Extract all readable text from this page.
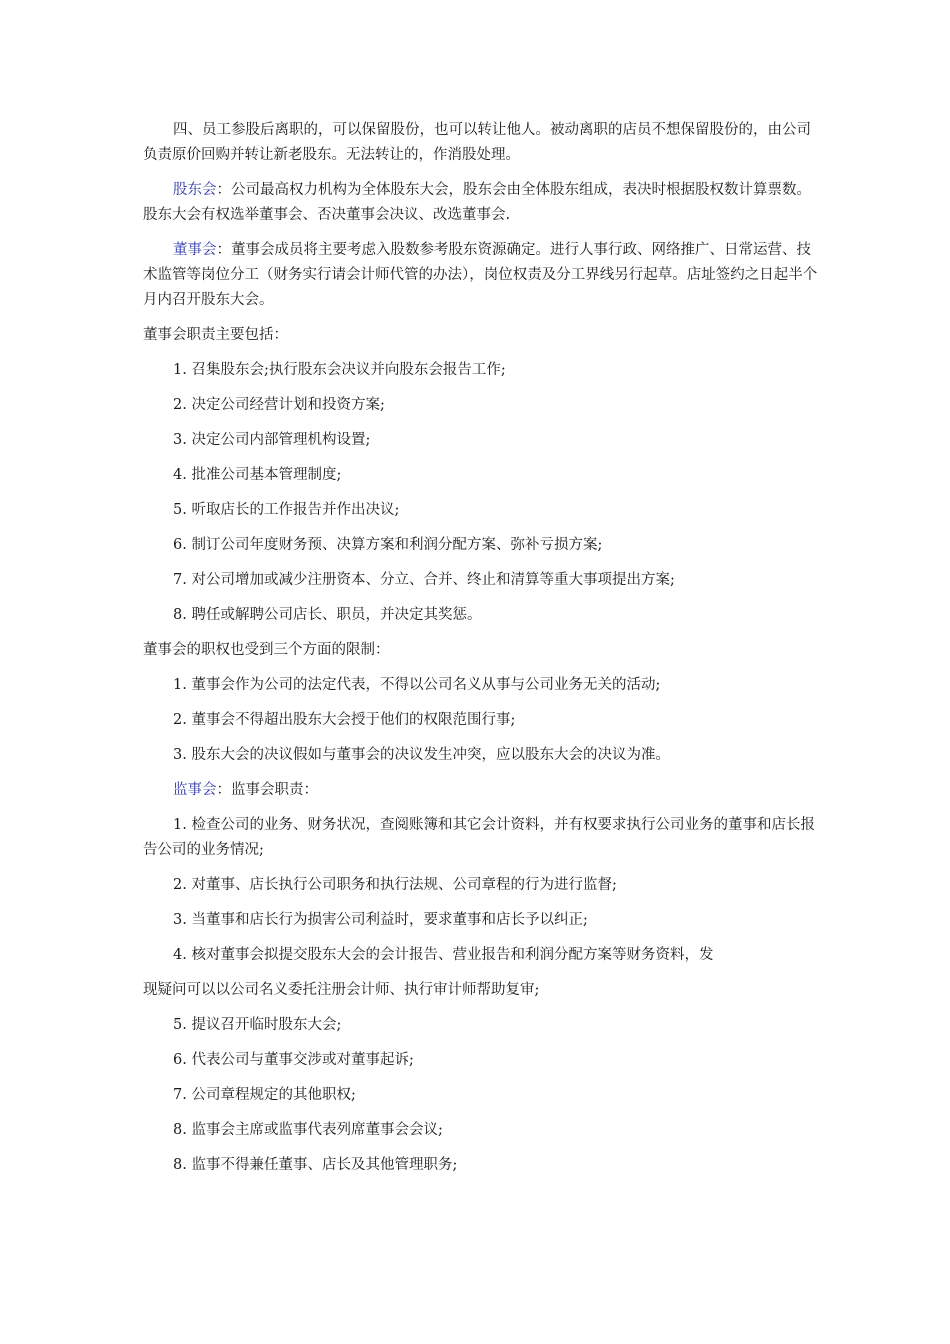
四、员工参股后离职的，可以保留股份，也可以转让他人。被动离职的店员不想保留股份的，由公司负责原价回购并转让新老股东。无法转让的，作消股处理。

股东会：公司最高权力机构为全体股东大会，股东会由全体股东组成，表决时根据股权数计算票数。股东大会有权选举董事会、否决董事会决议、改选董事会.

董事会：董事会成员将主要考虑入股数参考股东资源确定。进行人事行政、网络推广、日常运营、技术监管等岗位分工（财务实行请会计师代管的办法），岗位权责及分工界线另行起草。店址签约之日起半个月内召开股东大会。

董事会职责主要包括：

1. 召集股东会;执行股东会决议并向股东会报告工作;

2. 决定公司经营计划和投资方案;

3. 决定公司内部管理机构设置;

4. 批准公司基本管理制度;

5. 听取店长的工作报告并作出决议;

6. 制订公司年度财务预、决算方案和利润分配方案、弥补亏损方案;

7. 对公司增加或减少注册资本、分立、合并、终止和清算等重大事项提出方案;

8. 聘任或解聘公司店长、职员，并决定其奖惩。

董事会的职权也受到三个方面的限制：

1. 董事会作为公司的法定代表，不得以公司名义从事与公司业务无关的活动;

2. 董事会不得超出股东大会授于他们的权限范围行事;

3. 股东大会的决议假如与董事会的决议发生冲突，应以股东大会的决议为准。

监事会：监事会职责：

1. 检查公司的业务、财务状况，查阅账簿和其它会计资料，并有权要求执行公司业务的董事和店长报告公司的业务情况;

2. 对董事、店长执行公司职务和执行法规、公司章程的行为进行监督;

3. 当董事和店长行为损害公司利益时，要求董事和店长予以纠正;

4. 核对董事会拟提交股东大会的会计报告、营业报告和利润分配方案等财务资料，发

现疑问可以以公司名义委托注册会计师、执行审计师帮助复审;

5. 提议召开临时股东大会;

6. 代表公司与董事交涉或对董事起诉;

7. 公司章程规定的其他职权;

8. 监事会主席或监事代表列席董事会会议;

8. 监事不得兼任董事、店长及其他管理职务;
